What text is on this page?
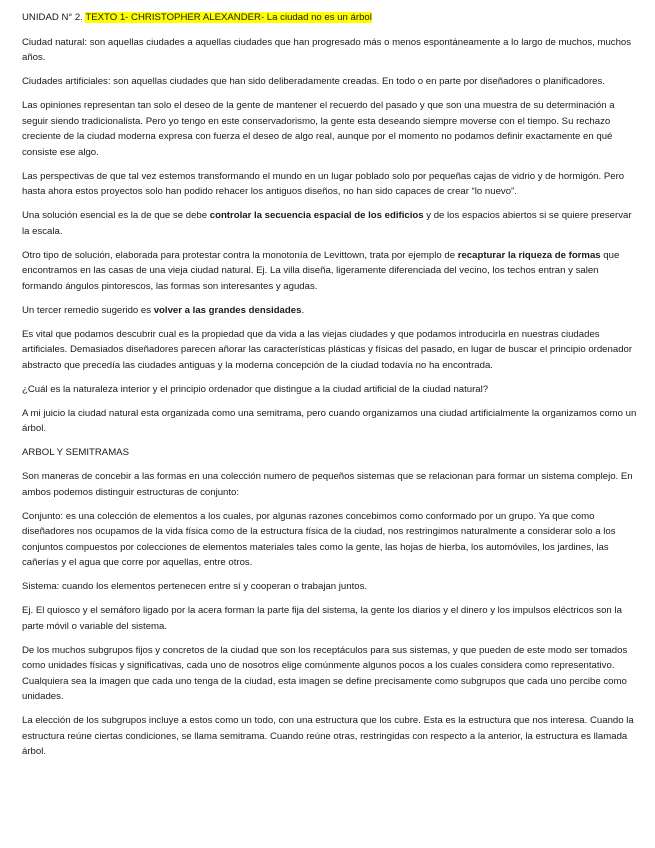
UNIDAD N° 2. TEXTO 1- CHRISTOPHER ALEXANDER- La ciudad no es un árbol

Ciudad natural: son aquellas ciudades a aquellas ciudades que han progresado más o menos espontáneamente a lo largo de muchos, muchos años.

Ciudades artificiales: son aquellas ciudades que han sido deliberadamente creadas. En todo o en parte por diseñadores o planificadores.

Las opiniones representan tan solo el deseo de la gente de mantener el recuerdo del pasado y que son una muestra de su determinación a seguir siendo tradicionalista. Pero yo tengo en este conservadorismo, la gente esta deseando siempre moverse con el tiempo. Su rechazo creciente de la ciudad moderna expresa con fuerza el deseo de algo real, aunque por el momento no podamos definir exactamente en qué consiste ese algo.

Las perspectivas de que tal vez estemos transformando el mundo en un lugar poblado solo por pequeñas cajas de vidrio y de hormigón. Pero hasta ahora estos proyectos solo han podido rehacer los antiguos diseños, no han sido capaces de crear “lo nuevo”.

Una solución esencial es la de que se debe controlar la secuencia espacial de los edificios y de los espacios abiertos si se quiere preservar la escala.

Otro tipo de solución, elaborada para protestar contra la monotonía de Levittown, trata por ejemplo de recapturar la riqueza de formas que encontramos en las casas de una vieja ciudad natural. Ej. La villa diseña, ligeramente diferenciada del vecino, los techos entran y salen formando ángulos pintorescos, las formas son interesantes y agudas.

Un tercer remedio sugerido es volver a las grandes densidades.

Es vital que podamos descubrir cual es la propiedad que da vida a las viejas ciudades y que podamos introducirla en nuestras ciudades artificiales. Demasiados diseñadores parecen añorar las características plásticas y físicas del pasado, en lugar de buscar el principio ordenador abstracto que precedía las ciudades antiguas y la moderna concepción de la ciudad todavía no ha encontrada.

¿Cuál es la naturaleza interior y el principio ordenador que distingue a la ciudad artificial de la ciudad natural?

A mi juicio la ciudad natural esta organizada como una semitrama, pero cuando organizamos una ciudad artificialmente la organizamos como un árbol.

ARBOL Y SEMITRAMAS

Son maneras de concebir a las formas en una colección numero de pequeños sistemas que se relacionan para formar un sistema complejo. En ambos podemos distinguir estructuras de conjunto:

Conjunto: es una colección de elementos a los cuales, por algunas razones concebimos como conformado por un grupo. Ya que como diseñadores nos ocupamos de la vida física como de la estructura física de la ciudad, nos restringimos naturalmente a considerar solo a los conjuntos compuestos por colecciones de elementos materiales tales como la gente, las hojas de hierba, los automóviles, los jardines, las cañerías y el agua que corre por aquellas, entre otros.

Sistema: cuando los elementos pertenecen entre sí y cooperan o trabajan juntos.

Ej. El quiosco y el semáforo ligado por la acera forman la parte fija del sistema, la gente los diarios y el dinero y los impulsos eléctricos son la parte móvil o variable del sistema.

De los muchos subgrupos fijos y concretos de la ciudad que son los receptáculos para sus sistemas, y que pueden de este modo ser tomados como unidades físicas y significativas, cada uno de nosotros elige comúnmente algunos pocos a los cuales considera como representativo. Cualquiera sea la imagen que cada uno tenga de la ciudad, esta imagen se define precisamente como subgrupos que cada uno percibe como unidades.

La elección de los subgrupos incluye a estos como un todo, con una estructura que los cubre. Esta es la estructura que nos interesa. Cuando la estructura reúne ciertas condiciones, se llama semitrama. Cuando reúne otras, restringidas con respecto a la anterior, la estructura es llamada árbol.
